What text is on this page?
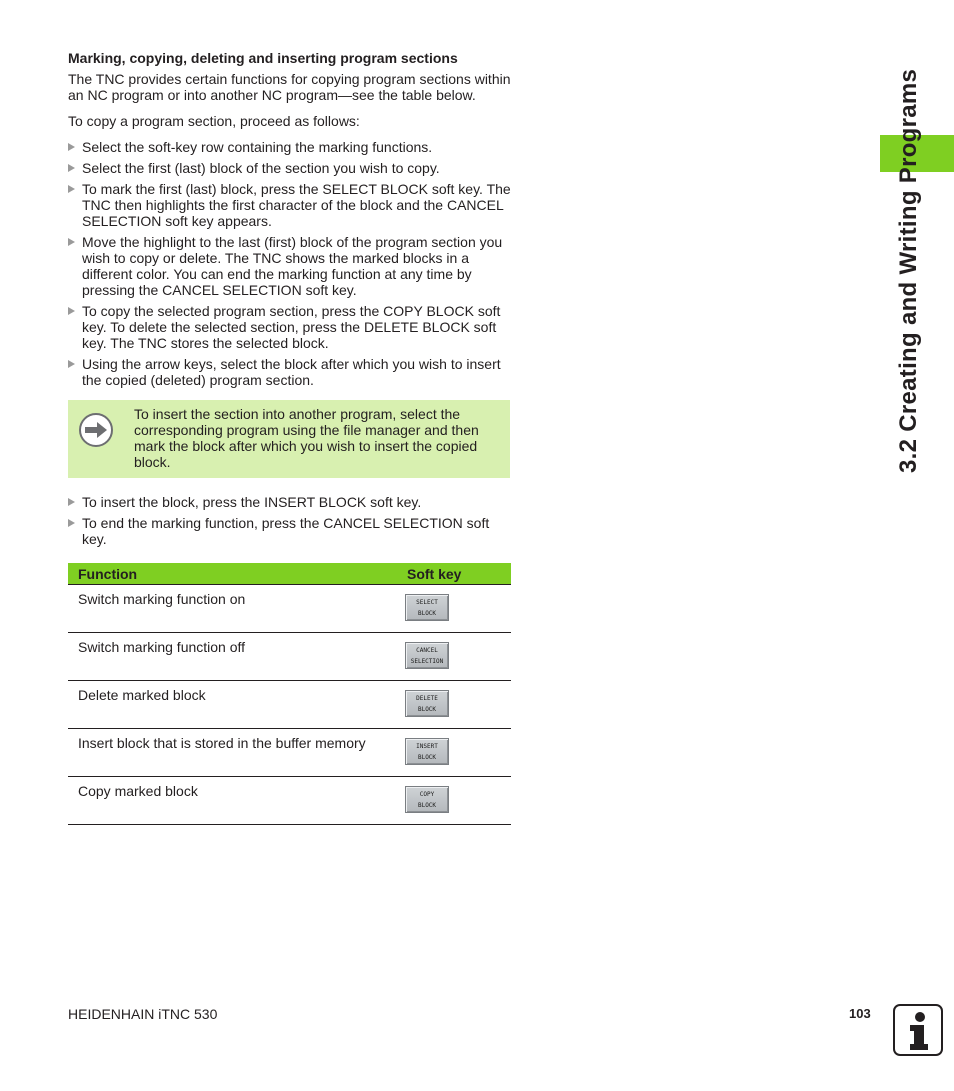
3.2 Creating and Writing Programs
Marking, copying, deleting and inserting program sections

The TNC provides certain functions for copying program sections within an NC program or into another NC program—see the table below.

To copy a program section, proceed as follows:

Select the soft-key row containing the marking functions.
Select the first (last) block of the section you wish to copy.
To mark the first (last) block, press the SELECT BLOCK soft key. The TNC then highlights the first character of the block and the CANCEL SELECTION soft key appears.
Move the highlight to the last (first) block of the program section you wish to copy or delete. The TNC shows the marked blocks in a different color. You can end the marking function at any time by pressing the CANCEL SELECTION soft key.
To copy the selected program section, press the COPY BLOCK soft key. To delete the selected section, press the DELETE BLOCK soft key. The TNC stores the selected block.
Using the arrow keys, select the block after which you wish to insert the copied (deleted) program section.
To insert the section into another program, select the corresponding program using the file manager and then mark the block after which you wish to insert the copied block.
To insert the block, press the INSERT BLOCK soft key.
To end the marking function, press the CANCEL SELECTION soft key.
Function	Soft key
Switch marking function on	SELECT
BLOCK

Switch marking function off	CANCEL
SELECTION

Delete marked block	DELETE
BLOCK

Insert block that is stored in the buffer memory	INSERT
BLOCK

Copy marked block	COPY
BLOCK
HEIDENHAIN iTNC 530	103
